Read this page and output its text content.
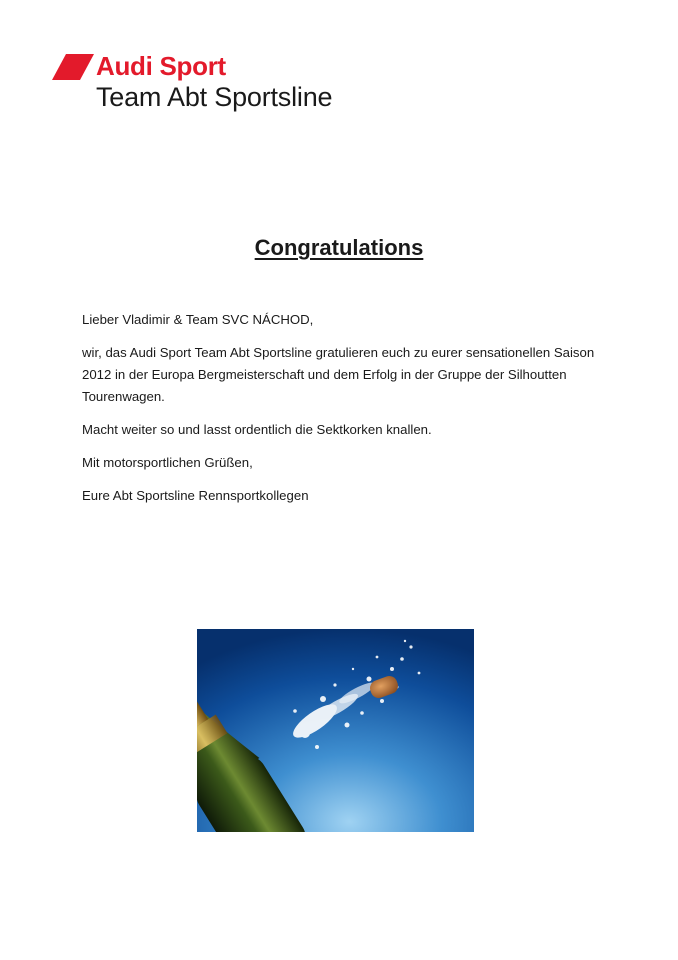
Audi Sport
Team Abt Sportsline
Congratulations

Lieber Vladimir & Team SVC NÁCHOD,

wir, das Audi Sport Team Abt Sportsline gratulieren euch zu eurer sensationellen Saison 2012 in der Europa Bergmeisterschaft und dem Erfolg in der Gruppe der Silhoutten Tourenwagen.

Macht weiter so und lasst ordentlich die Sektkorken knallen.

Mit motorsportlichen Grüßen,

Eure Abt Sportsline Rennsportkollegen
